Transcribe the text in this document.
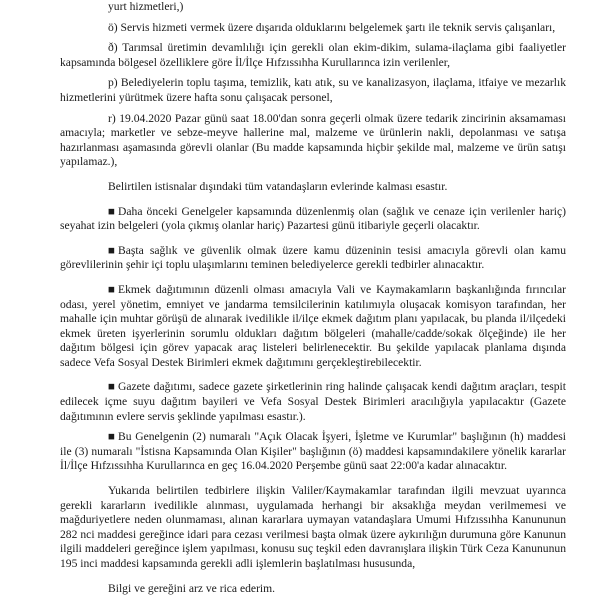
yurt hizmetleri,)

ö) Servis hizmeti vermek üzere dışarıda olduklarını belgelemek şartı ile teknik servis çalışanları,

ð) Tarımsal üretimin devamlılığı için gerekli olan ekim-dikim, sulama-ilaçlama gibi faaliyetler kapsamında bölgesel özelliklere göre İl/İlçe Hıfzıssıhha Kurullarınca izin verilenler,

p) Belediyelerin toplu taşıma, temizlik, katı atık, su ve kanalizasyon, ilaçlama, itfaiye ve mezarlık hizmetlerini yürütmek üzere hafta sonu çalışacak personel,

r) 19.04.2020 Pazar günü saat 18.00'dan sonra geçerli olmak üzere tedarik zincirinin aksamaması amacıyla; marketler ve sebze-meyve hallerine mal, malzeme ve ürünlerin nakli, depolanması ve satışa hazırlanması aşamasında görevli olanlar (Bu madde kapsamında hiçbir şekilde mal, malzeme ve ürün satışı yapılamaz.),

Belirtilen istisnalar dışındaki tüm vatandaşların evlerinde kalması esastır.

■ Daha önceki Genelgeler kapsamında düzenlenmiş olan (sağlık ve cenaze için verilenler hariç) seyahat izin belgeleri (yola çıkmış olanlar hariç) Pazartesi günü itibariyle geçerli olacaktır.

■ Başta sağlık ve güvenlik olmak üzere kamu düzeninin tesisi amacıyla görevli olan kamu görevlilerinin şehir içi toplu ulaşımlarını teminen belediyelerce gerekli tedbirler alınacaktır.

■ Ekmek dağıtımının düzenli olması amacıyla Vali ve Kaymakamların başkanlığında fırıncılar odası, yerel yönetim, emniyet ve jandarma temsilcilerinin katılımıyla oluşacak komisyon tarafından, her mahalle için muhtar görüşü de alınarak ivedilikle il/ilçe ekmek dağıtım planı yapılacak, bu planda il/ilçedeki ekmek üreten işyerlerinin sorumlu oldukları dağıtım bölgeleri (mahalle/cadde/sokak ölçeğinde) ile her dağıtım bölgesi için görev yapacak araç listeleri belirlenecektir. Bu şekilde yapılacak planlama dışında sadece Vefa Sosyal Destek Birimleri ekmek dağıtımını gerçekleştirebilecektir.

■ Gazete dağıtımı, sadece gazete şirketlerinin ring halinde çalışacak kendi dağıtım araçları, tespit edilecek içme suyu dağıtım bayileri ve Vefa Sosyal Destek Birimleri aracılığıyla yapılacaktır (Gazete dağıtımının evlere servis şeklinde yapılması esastır.).

■ Bu Genelgenin (2) numaralı "Açık Olacak İşyeri, İşletme ve Kurumlar" başlığının (h) maddesi ile (3) numaralı "İstisna Kapsamında Olan Kişiler" başlığının (ö) maddesi kapsamındakilere yönelik kararlar İl/İlçe Hıfzıssıhha Kurullarınca en geç 16.04.2020 Perşembe günü saat 22:00'a kadar alınacaktır.

Yukarıda belirtilen tedbirlere ilişkin Valiler/Kaymakamlar tarafından ilgili mevzuat uyarınca gerekli kararların ivedilikle alınması, uygulamada herhangi bir aksaklığa meydan verilmemesi ve mağduriyetlere neden olunmaması, alınan kararlara uymayan vatandaşlara Umumi Hıfzıssıhha Kanununun 282 nci maddesi gereğince idari para cezası verilmesi başta olmak üzere aykırılığın durumuna göre Kanunun ilgili maddeleri gereğince işlem yapılması, konusu suç teşkil eden davranışlara ilişkin Türk Ceza Kanununun 195 inci maddesi kapsamında gerekli adli işlemlerin başlatılması hususunda,

Bilgi ve gereğini arz ve rica ederim.
